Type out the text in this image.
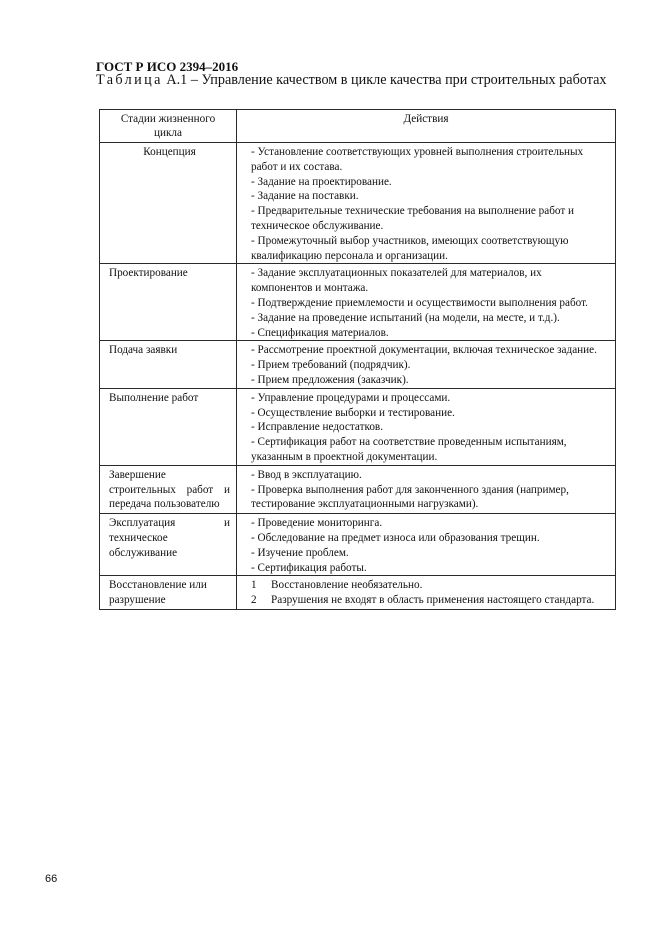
ГОСТ Р ИСО 2394–2016

Таблица А.1 – Управление качеством в цикле качества при строительных работах

Стадии жизненного цикла	Действия
Концепция	- Установление соответствующих уровней выполнения строительных работ и их состава.
- Задание на проектирование.
- Задание на поставки.
- Предварительные технические требования на выполнение работ и техническое обслуживание.
- Промежуточный выбор участников, имеющих соответствующую квалификацию персонала и организации.

Проектирование	- Задание эксплуатационных показателей для материалов, их компонентов и монтажа.
- Подтверждение приемлемости и осуществимости выполнения работ.
- Задание на проведение испытаний (на модели, на месте, и т.д.).
- Спецификация материалов.

Подача заявки	- Рассмотрение проектной документации, включая техническое задание.
- Прием требований (подрядчик).
- Прием предложения (заказчик).

Выполнение работ	- Управление процедурами и процессами.
- Осуществление выборки и тестирование.
- Исправление недостатков.
- Сертификация работ на соответствие проведенным испытаниям, указанным в проектной документации.

Завершение строительных работ и передача пользователю	- Ввод в эксплуатацию.
- Проверка выполнения работ для законченного здания (например, тестирование эксплуатационными нагрузками).

Эксплуатация и техническое обслуживание	- Проведение мониторинга.
- Обследование на предмет износа или образования трещин.
- Изучение проблем.
- Сертификация работы.

Восстановление или разрушение	1 Восстановление необязательно.
2 Разрушения не входят в область применения настоящего стандарта.
66
